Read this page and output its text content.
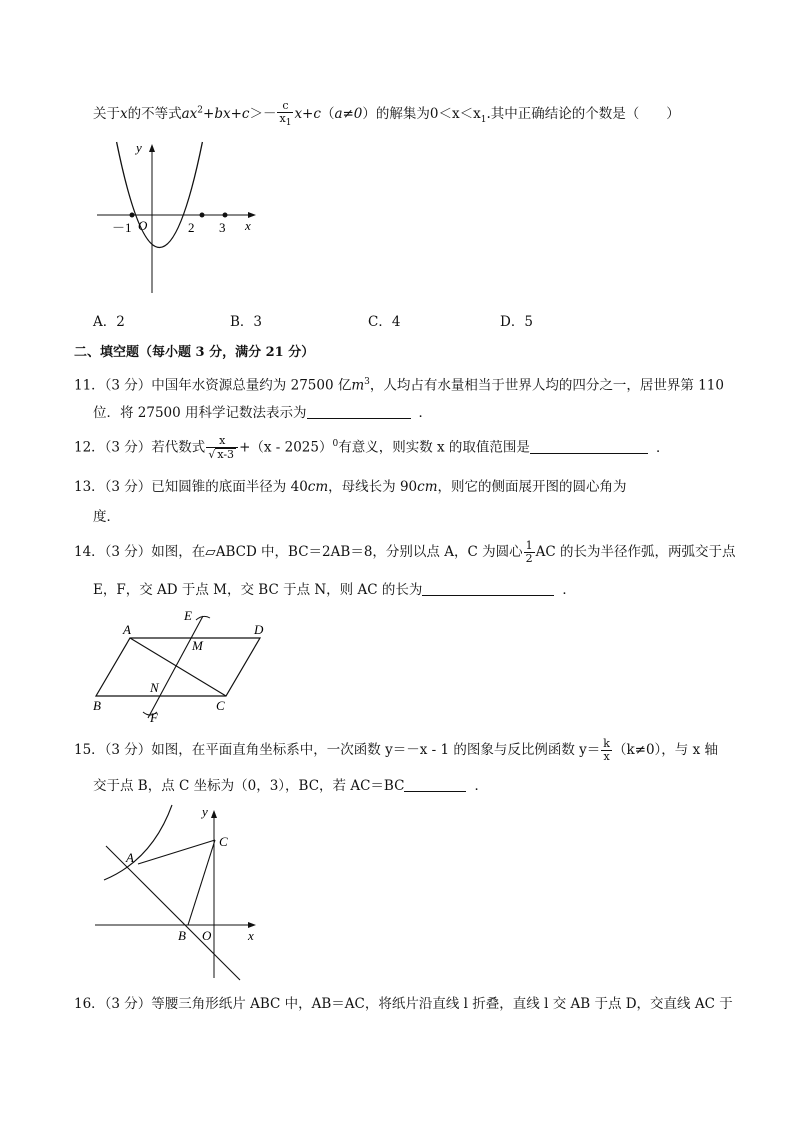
关于x的不等式$ax^2+bx+c>- \frac{c}{x_1} x+c(a\ne 0)$的解集为$0<x<x_1$.其中正确结论的个数是（　　）
y
x
O
－1	2 3
A．2	B．3	C．4	D．5
二、填空题（每小题 3 分，满分 21 分）
11．（3 分）中国年水资源总量约为 27500 亿$m^3$，人均占有水量相当于世界人均的四分之一，居世界第 110
位．将 27500 用科学记数法表示为	．
12．（3 分）若代数式 $\frac{x}{√ x-3} +(x - 2025)^0$有意义，则实数 x 的取值范围是	．
13．（3 分）已知圆锥的底面半径为 40cm，母线长为 90cm，则它的侧面展开图的圆心角为
度．
14．（3 分）如图，在▱ABCD 中，BC＝2AB＝8，分别以点 A，C 为圆心 $\frac{1}{2}$ AC 的长为半径作弧，两弧交于点
E，F，交 AD 于点 M，交 BC 于点 N，则 AC 的长为	．
A	D
B	C
E
F
M
N
15．（3 分）如图，在平面直角坐标系中，一次函数 y＝－x - 1 的图象与反比例函数 $y= \frac{k}{x} (k\ne 0)$，与 x 轴
交于点 B，点 C 坐标为（0，3），BC，若 AC＝BC	．
y
x
A
C
B O
16．（3 分）等腰三角形纸片 ABC 中，AB＝AC，将纸片沿直线 l 折叠，直线 l 交 AB 于点 D，交直线 AC 于
